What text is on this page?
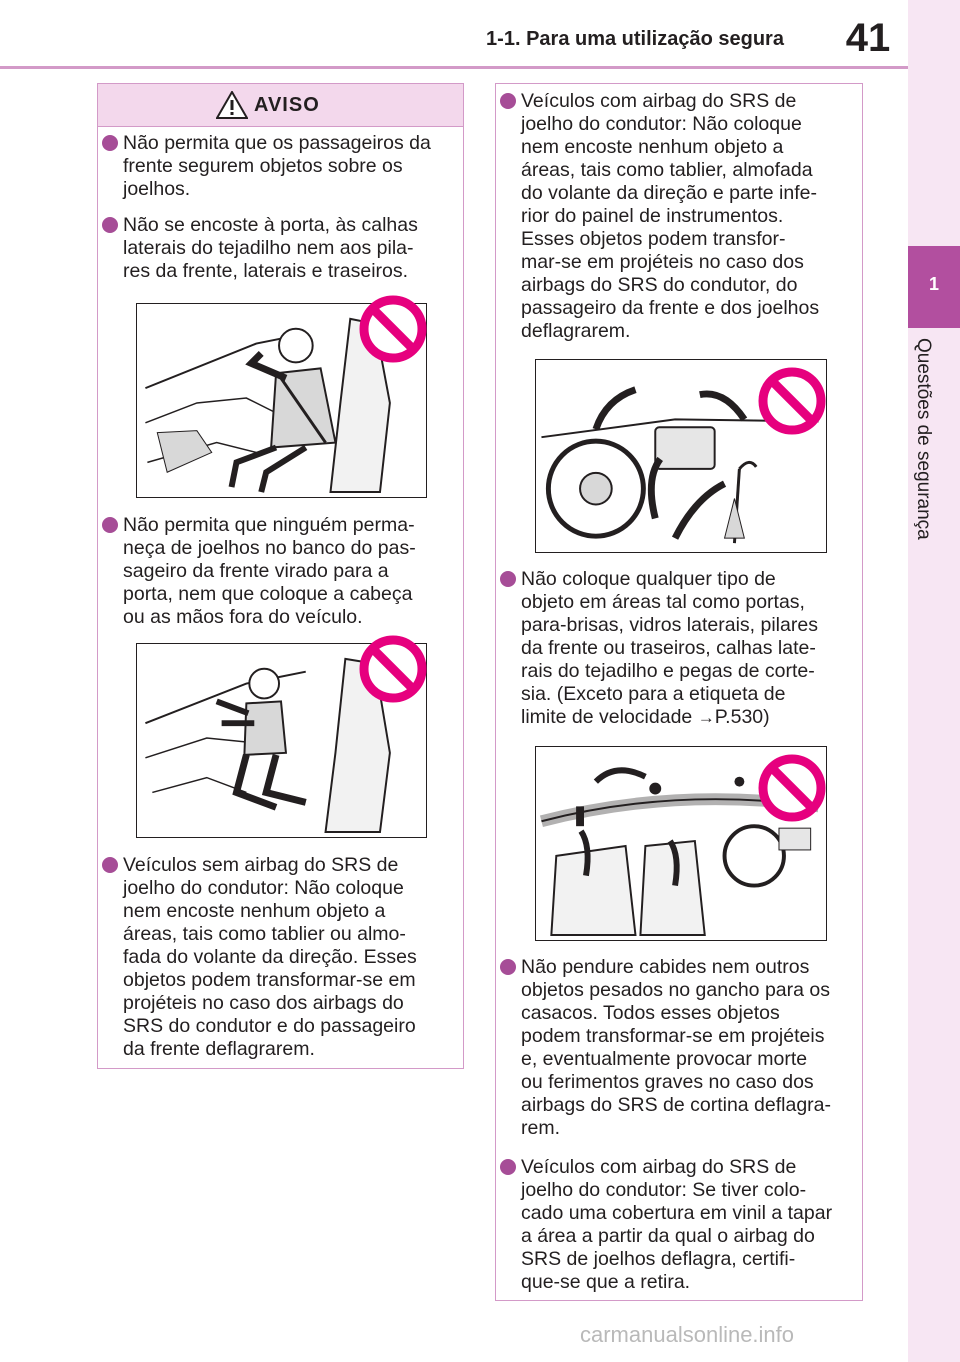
1-1. Para uma utilização segura	41
1
Questões de segurança
AVISO
Não permita que os passageiros da
frente segurem objetos sobre os
joelhos.
Não se encoste à porta, às calhas
laterais do tejadilho nem aos pila-
res da frente, laterais e traseiros.
Não permita que ninguém perma-
neça de joelhos no banco do pas-
sageiro da frente virado para a
porta, nem que coloque a cabeça
ou as mãos fora do veículo.
Veículos sem airbag do SRS de
joelho do condutor: Não coloque
nem encoste nenhum objeto a
áreas, tais como tablier ou almo-
fada do volante da direção. Esses
objetos podem transformar-se em
projéteis no caso dos airbags do
SRS do condutor e do passageiro
da frente deflagrarem.
Veículos com airbag do SRS de
joelho do condutor: Não coloque
nem encoste nenhum objeto a
áreas, tais como tablier, almofada
do volante da direção e parte infe-
rior do painel de instrumentos.
Esses objetos podem transfor-
mar-se em projéteis no caso dos
airbags do SRS do condutor, do
passageiro da frente e dos joelhos
deflagrarem.
Não coloque qualquer tipo de
objeto em áreas tal como portas,
para-brisas, vidros laterais, pilares
da frente ou traseiros, calhas late-
rais do tejadilho e pegas de corte-
sia. (Exceto para a etiqueta de
limite de velocidade →P.530)
Não pendure cabides nem outros
objetos pesados no gancho para os
casacos. Todos esses objetos
podem transformar-se em projéteis
e, eventualmente provocar morte
ou ferimentos graves no caso dos
airbags do SRS de cortina deflagra-
rem.
Veículos com airbag do SRS de
joelho do condutor: Se tiver colo-
cado uma cobertura em vinil a tapar
a área a partir da qual o airbag do
SRS de joelhos deflagra, certifi-
que-se que a retira.
carmanualsonline.info
